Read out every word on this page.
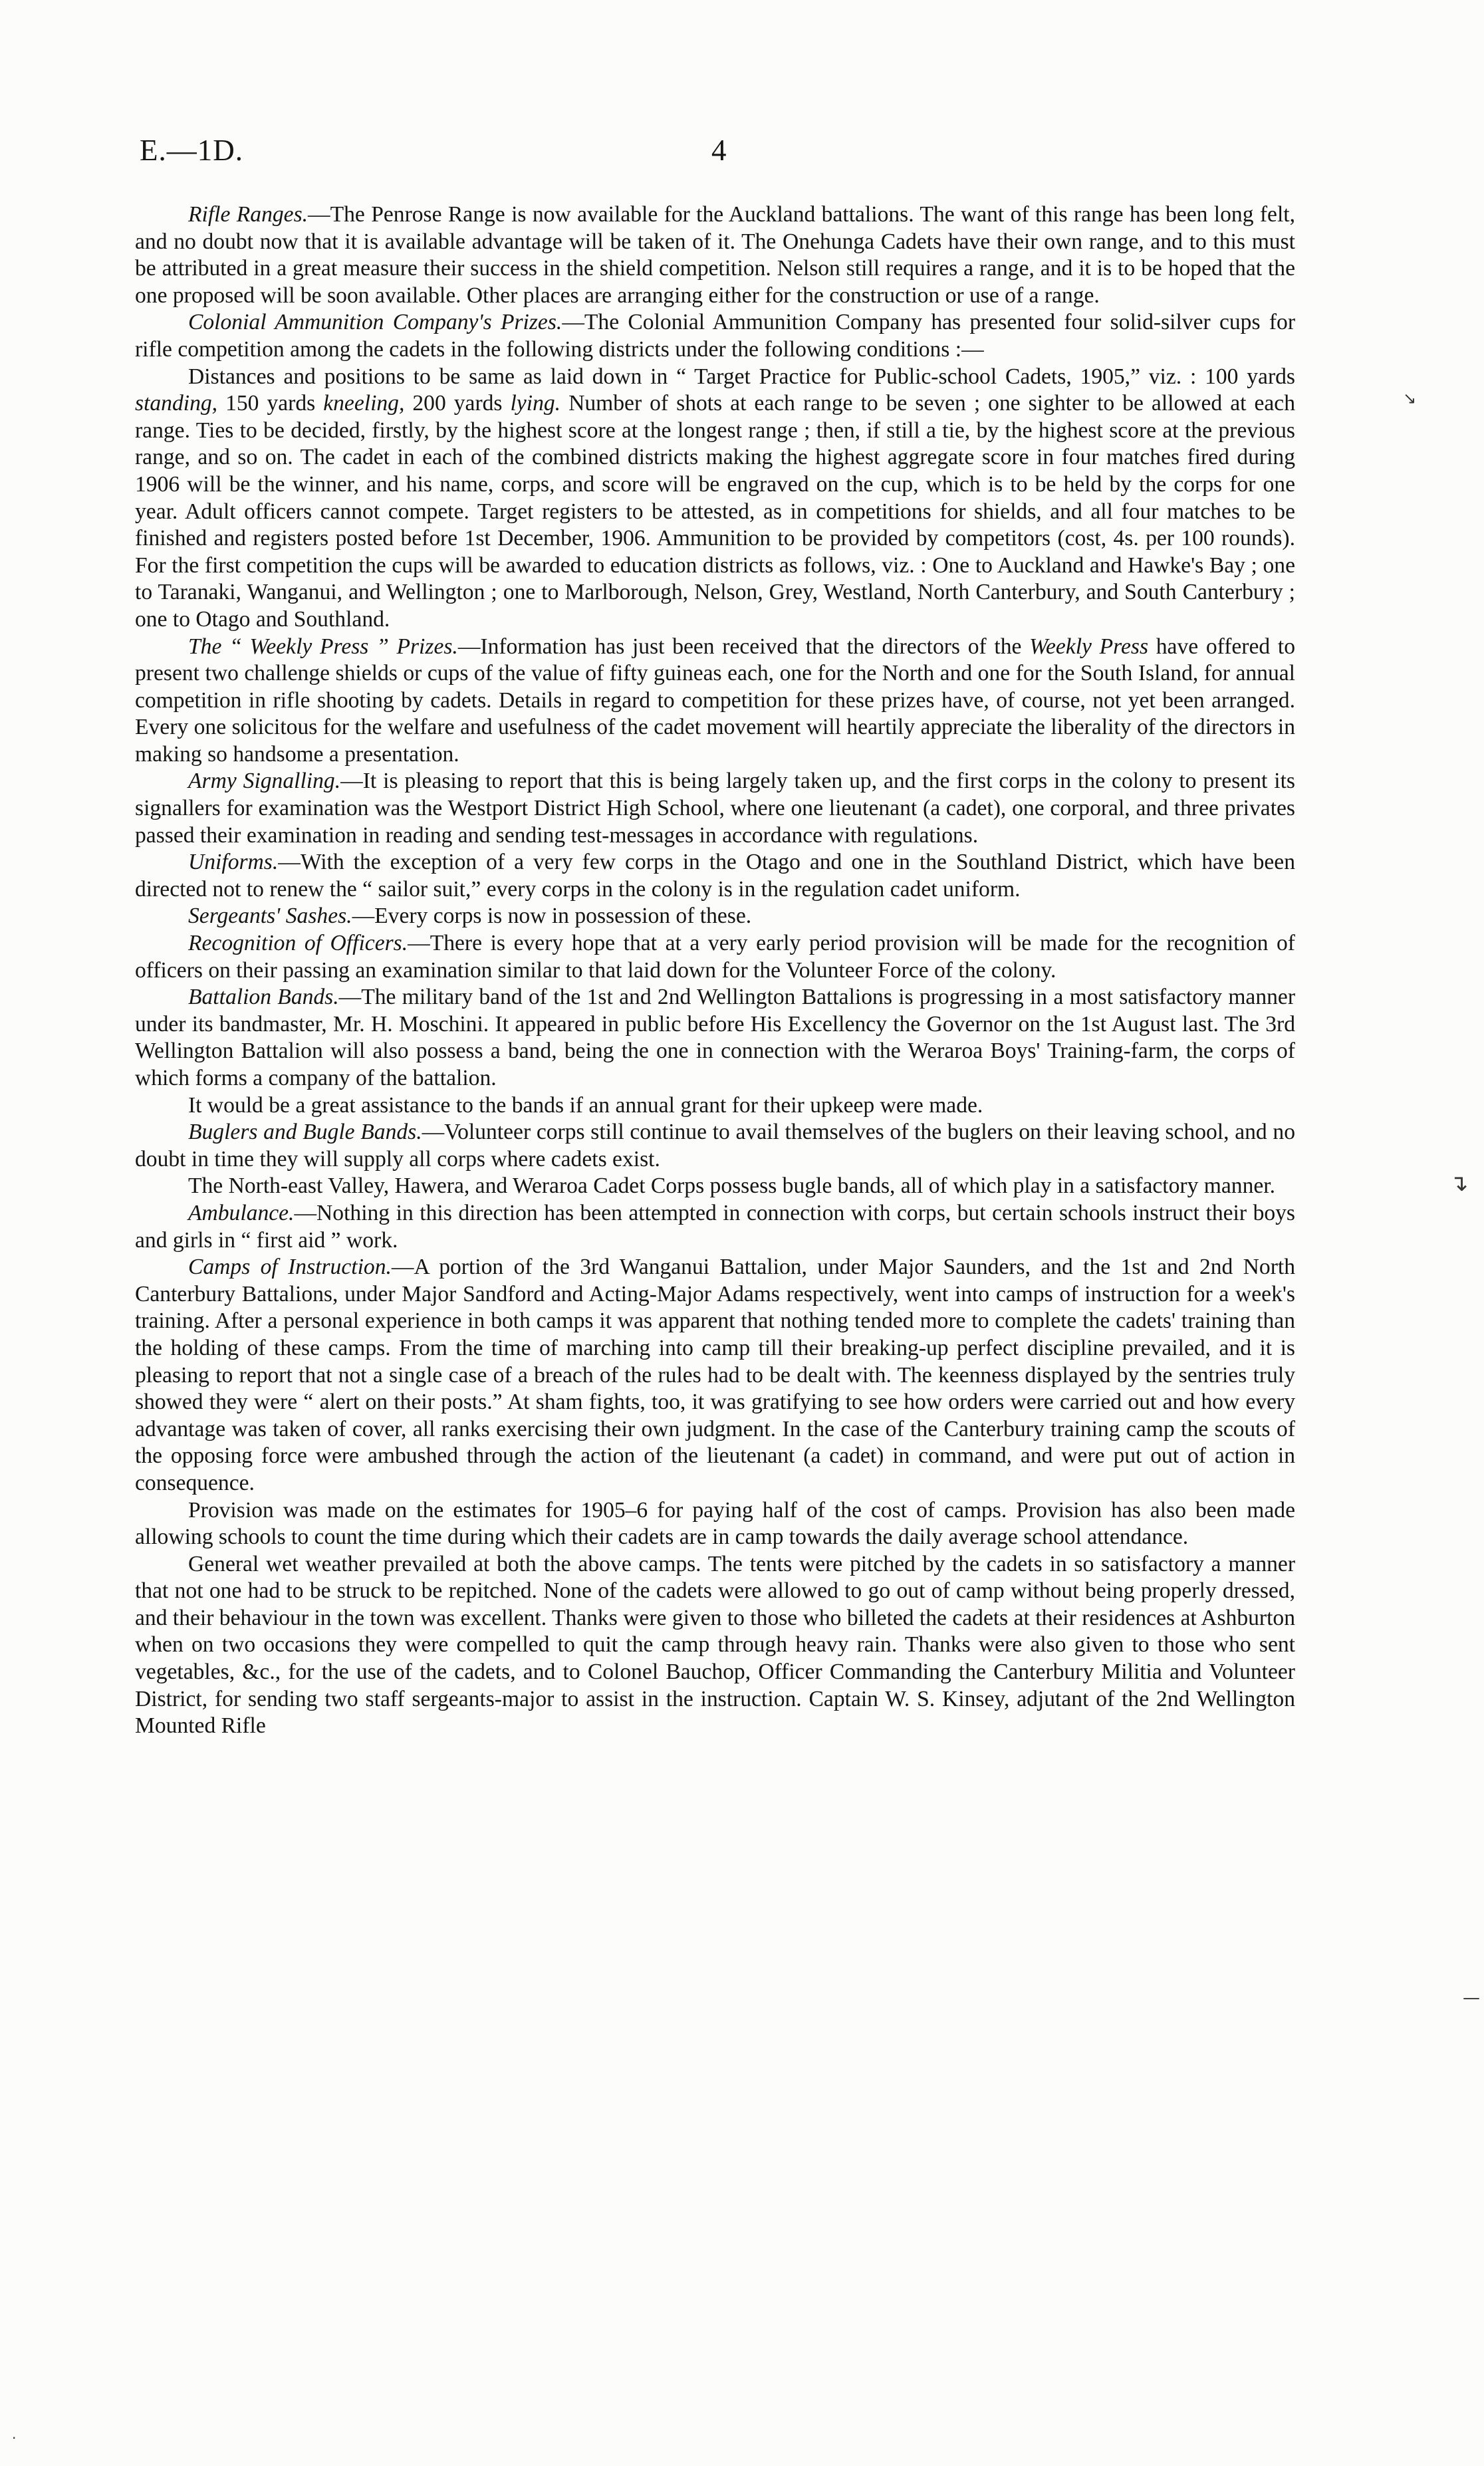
E.—1D.	4
↘
↴
—
·

Rifle Ranges.—The Penrose Range is now available for the Auckland battalions. The want of this range has been long felt, and no doubt now that it is available advantage will be taken of it. The Onehunga Cadets have their own range, and to this must be attributed in a great measure their success in the shield competition. Nelson still requires a range, and it is to be hoped that the one proposed will be soon available. Other places are arranging either for the construction or use of a range.

Colonial Ammunition Company's Prizes.—The Colonial Ammunition Company has presented four solid-silver cups for rifle competition among the cadets in the following districts under the following conditions :—

Distances and positions to be same as laid down in “ Target Practice for Public-school Cadets, 1905,” viz. : 100 yards standing, 150 yards kneeling, 200 yards lying. Number of shots at each range to be seven ; one sighter to be allowed at each range. Ties to be decided, firstly, by the highest score at the longest range ; then, if still a tie, by the highest score at the previous range, and so on. The cadet in each of the combined districts making the highest aggregate score in four matches fired during 1906 will be the winner, and his name, corps, and score will be engraved on the cup, which is to be held by the corps for one year. Adult officers cannot compete. Target registers to be attested, as in competitions for shields, and all four matches to be finished and registers posted before 1st December, 1906. Ammunition to be provided by competitors (cost, 4s. per 100 rounds). For the first competition the cups will be awarded to education districts as follows, viz. : One to Auckland and Hawke's Bay ; one to Taranaki, Wanganui, and Wellington ; one to Marlborough, Nelson, Grey, Westland, North Canterbury, and South Canterbury ; one to Otago and Southland.

The “ Weekly Press ” Prizes.—Information has just been received that the directors of the Weekly Press have offered to present two challenge shields or cups of the value of fifty guineas each, one for the North and one for the South Island, for annual competition in rifle shooting by cadets. Details in regard to competition for these prizes have, of course, not yet been arranged. Every one solicitous for the welfare and usefulness of the cadet movement will heartily appreciate the liberality of the directors in making so handsome a presentation.

Army Signalling.—It is pleasing to report that this is being largely taken up, and the first corps in the colony to present its signallers for examination was the Westport District High School, where one lieutenant (a cadet), one corporal, and three privates passed their examination in reading and sending test-messages in accordance with regulations.

Uniforms.—With the exception of a very few corps in the Otago and one in the Southland District, which have been directed not to renew the “ sailor suit,” every corps in the colony is in the regulation cadet uniform.

Sergeants' Sashes.—Every corps is now in possession of these.

Recognition of Officers.—There is every hope that at a very early period provision will be made for the recognition of officers on their passing an examination similar to that laid down for the Volunteer Force of the colony.

Battalion Bands.—The military band of the 1st and 2nd Wellington Battalions is progressing in a most satisfactory manner under its bandmaster, Mr. H. Moschini. It appeared in public before His Excellency the Governor on the 1st August last. The 3rd Wellington Battalion will also possess a band, being the one in connection with the Weraroa Boys' Training-farm, the corps of which forms a company of the battalion.

It would be a great assistance to the bands if an annual grant for their upkeep were made.

Buglers and Bugle Bands.—Volunteer corps still continue to avail themselves of the buglers on their leaving school, and no doubt in time they will supply all corps where cadets exist.

The North-east Valley, Hawera, and Weraroa Cadet Corps possess bugle bands, all of which play in a satisfactory manner.

Ambulance.—Nothing in this direction has been attempted in connection with corps, but certain schools instruct their boys and girls in “ first aid ” work.

Camps of Instruction.—A portion of the 3rd Wanganui Battalion, under Major Saunders, and the 1st and 2nd North Canterbury Battalions, under Major Sandford and Acting-Major Adams respectively, went into camps of instruction for a week's training. After a personal experience in both camps it was apparent that nothing tended more to complete the cadets' training than the holding of these camps. From the time of marching into camp till their breaking-up perfect discipline prevailed, and it is pleasing to report that not a single case of a breach of the rules had to be dealt with. The keenness displayed by the sentries truly showed they were “ alert on their posts.” At sham fights, too, it was gratifying to see how orders were carried out and how every advantage was taken of cover, all ranks exercising their own judgment. In the case of the Canterbury training camp the scouts of the opposing force were ambushed through the action of the lieutenant (a cadet) in command, and were put out of action in consequence.

Provision was made on the estimates for 1905–6 for paying half of the cost of camps. Provision has also been made allowing schools to count the time during which their cadets are in camp towards the daily average school attendance.

General wet weather prevailed at both the above camps. The tents were pitched by the cadets in so satisfactory a manner that not one had to be struck to be repitched. None of the cadets were allowed to go out of camp without being properly dressed, and their behaviour in the town was excellent. Thanks were given to those who billeted the cadets at their residences at Ashburton when on two occasions they were compelled to quit the camp through heavy rain. Thanks were also given to those who sent vegetables, &c., for the use of the cadets, and to Colonel Bauchop, Officer Commanding the Canterbury Militia and Volunteer District, for sending two staff sergeants-major to assist in the instruction. Captain W. S. Kinsey, adjutant of the 2nd Wellington Mounted Rifle
